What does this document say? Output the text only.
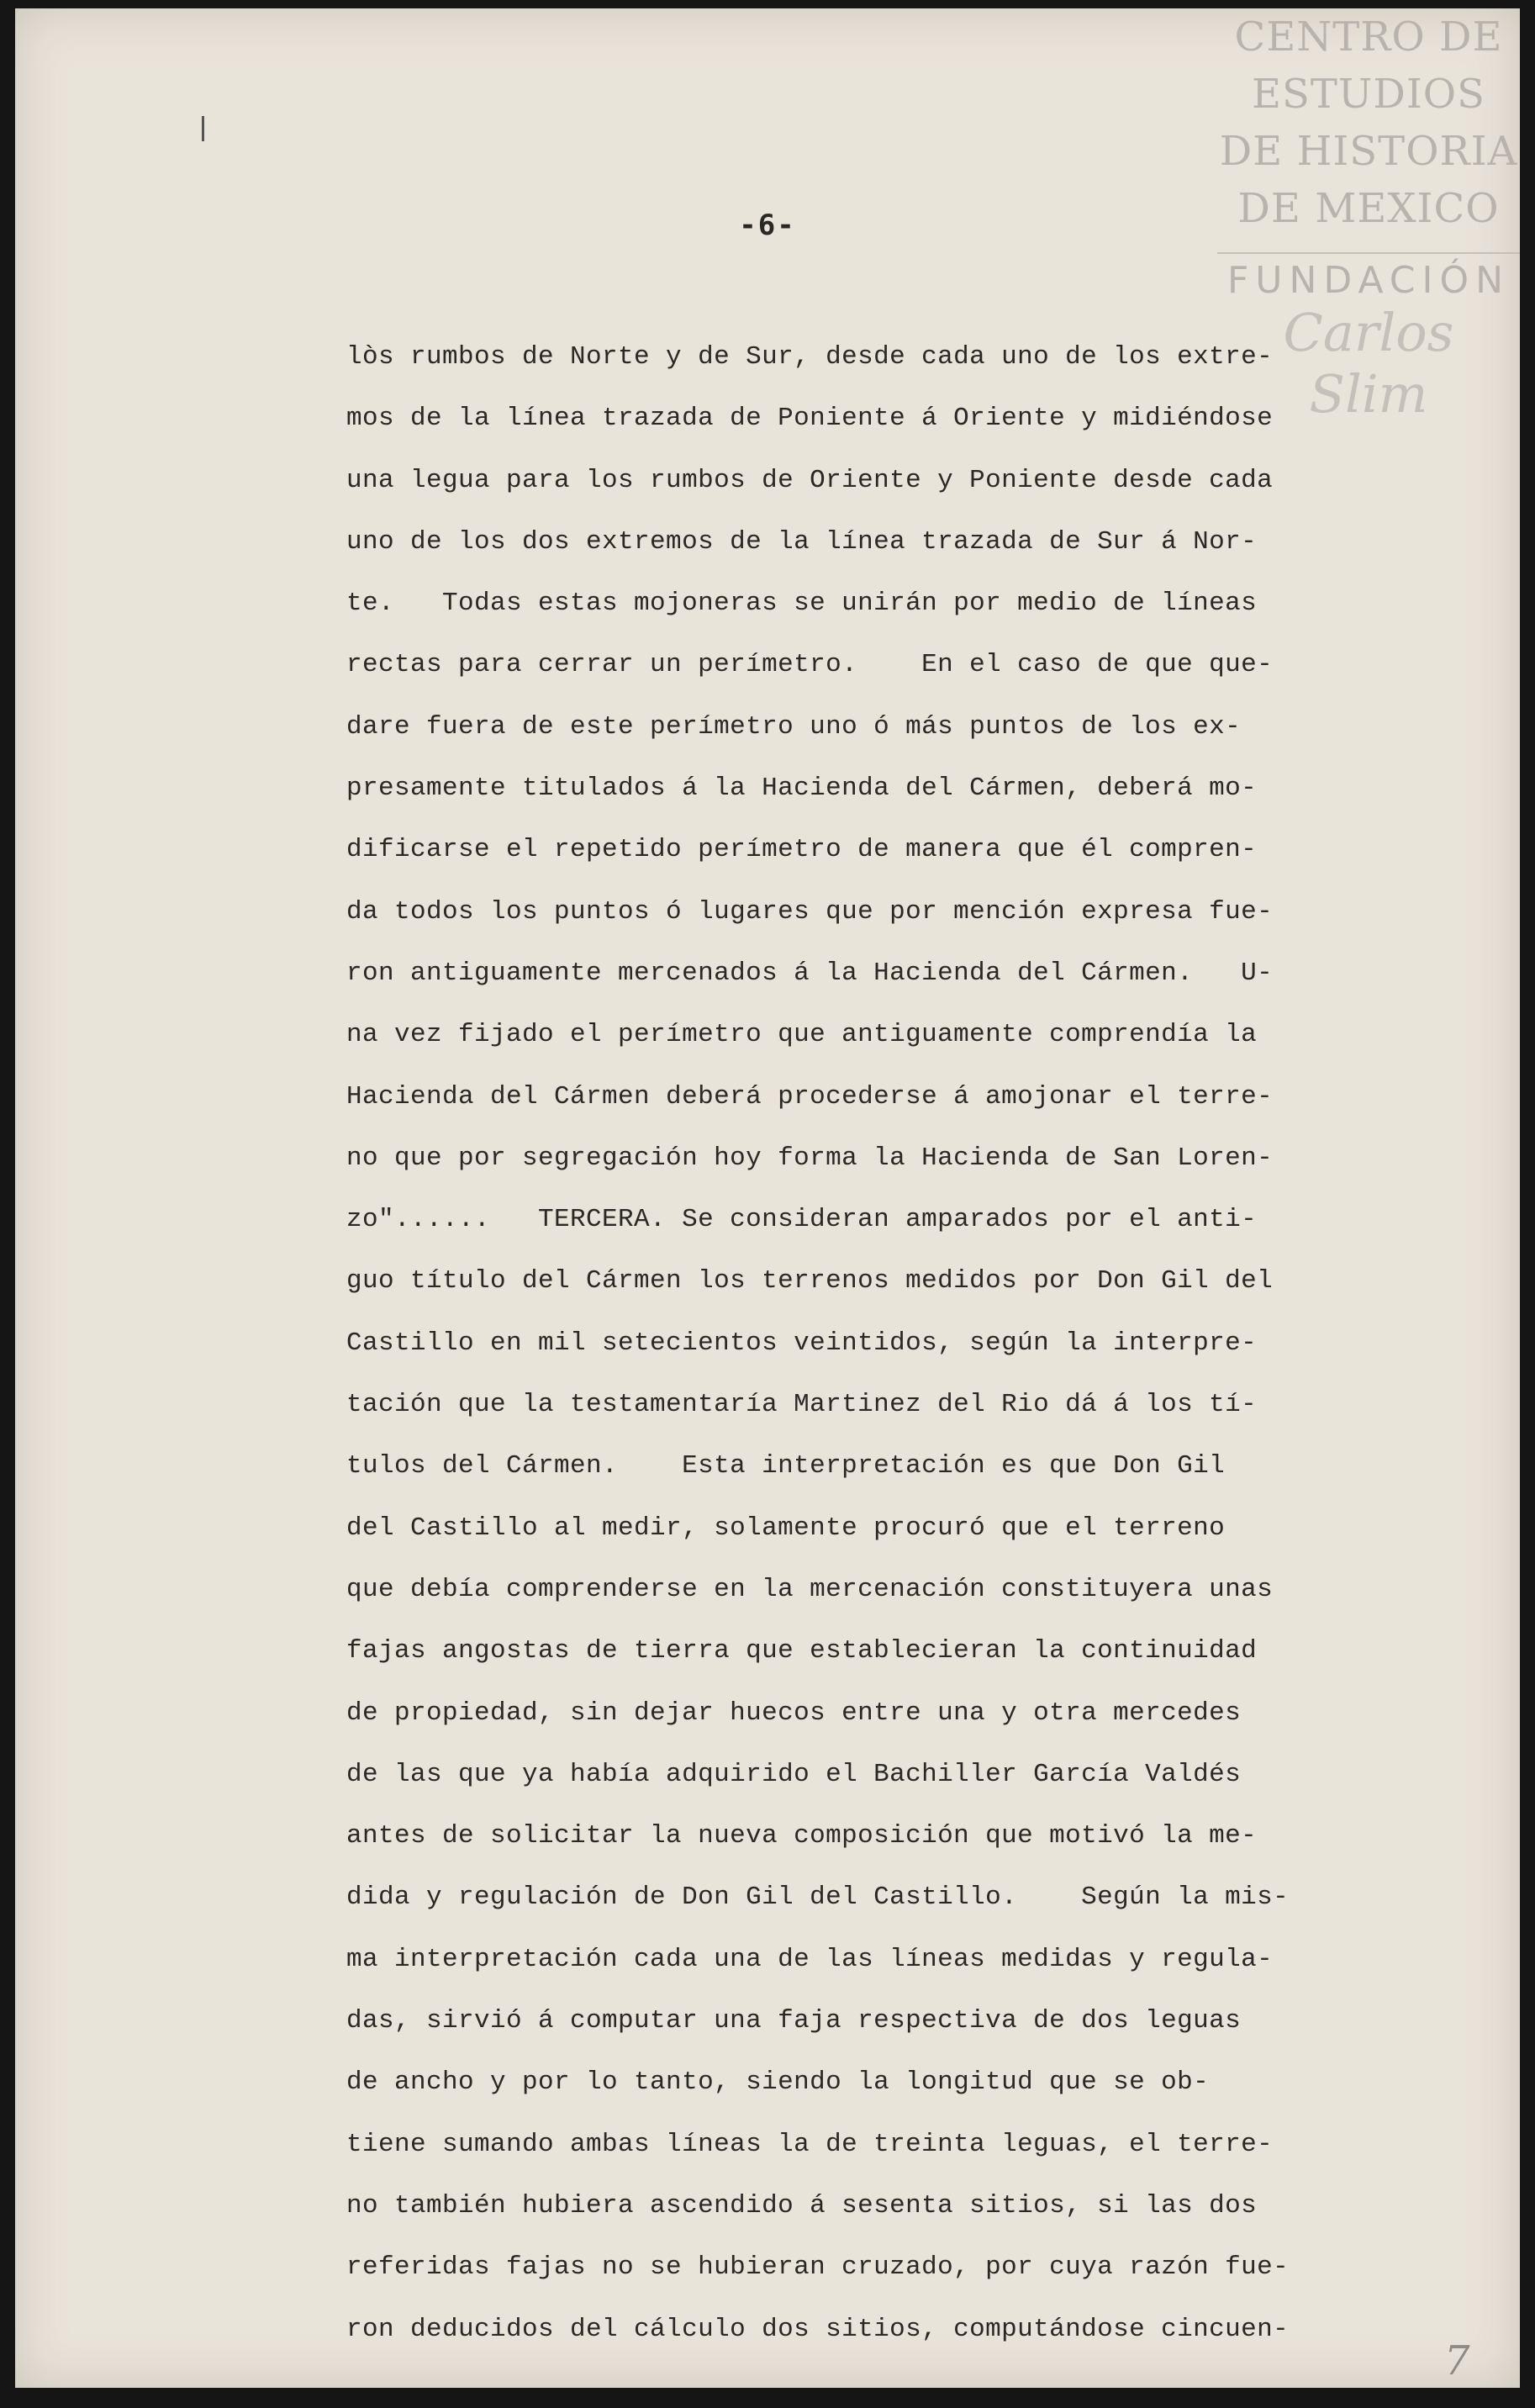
CENTRO DE
ESTUDIOS
DE HISTORIA
DE MEXICO
FUNDACIÓN
Carlos Slim
-6-
lòs rumbos de Norte y de Sur, desde cada uno de los extre-
mos de la línea trazada de Poniente á Oriente y midiéndose
una legua para los rumbos de Oriente y Poniente desde cada
uno de los dos extremos de la línea trazada de Sur á Nor-
te.   Todas estas mojoneras se unirán por medio de líneas
rectas para cerrar un perímetro.    En el caso de que que-
dare fuera de este perímetro uno ó más puntos de los ex-
presamente titulados á la Hacienda del Cármen, deberá mo-
dificarse el repetido perímetro de manera que él compren-
da todos los puntos ó lugares que por mención expresa fue-
ron antiguamente mercenados á la Hacienda del Cármen.   U-
na vez fijado el perímetro que antiguamente comprendía la
Hacienda del Cármen deberá procederse á amojonar el terre-
no que por segregación hoy forma la Hacienda de San Loren-
zo"......   TERCERA. Se consideran amparados por el anti-
guo título del Cármen los terrenos medidos por Don Gil del
Castillo en mil setecientos veintidos, según la interpre-
tación que la testamentaría Martinez del Rio dá á los tí-
tulos del Cármen.    Esta interpretación es que Don Gil
del Castillo al medir, solamente procuró que el terreno
que debía comprenderse en la mercenación constituyera unas
fajas angostas de tierra que establecieran la continuidad
de propiedad, sin dejar huecos entre una y otra mercedes
de las que ya había adquirido el Bachiller García Valdés
antes de solicitar la nueva composición que motivó la me-
dida y regulación de Don Gil del Castillo.    Según la mis-
ma interpretación cada una de las líneas medidas y regula-
das, sirvió á computar una faja respectiva de dos leguas
de ancho y por lo tanto, siendo la longitud que se ob-
tiene sumando ambas líneas la de treinta leguas, el terre-
no también hubiera ascendido á sesenta sitios, si las dos
referidas fajas no se hubieran cruzado, por cuya razón fue-
ron deducidos del cálculo dos sitios, computándose cincuen-
7
